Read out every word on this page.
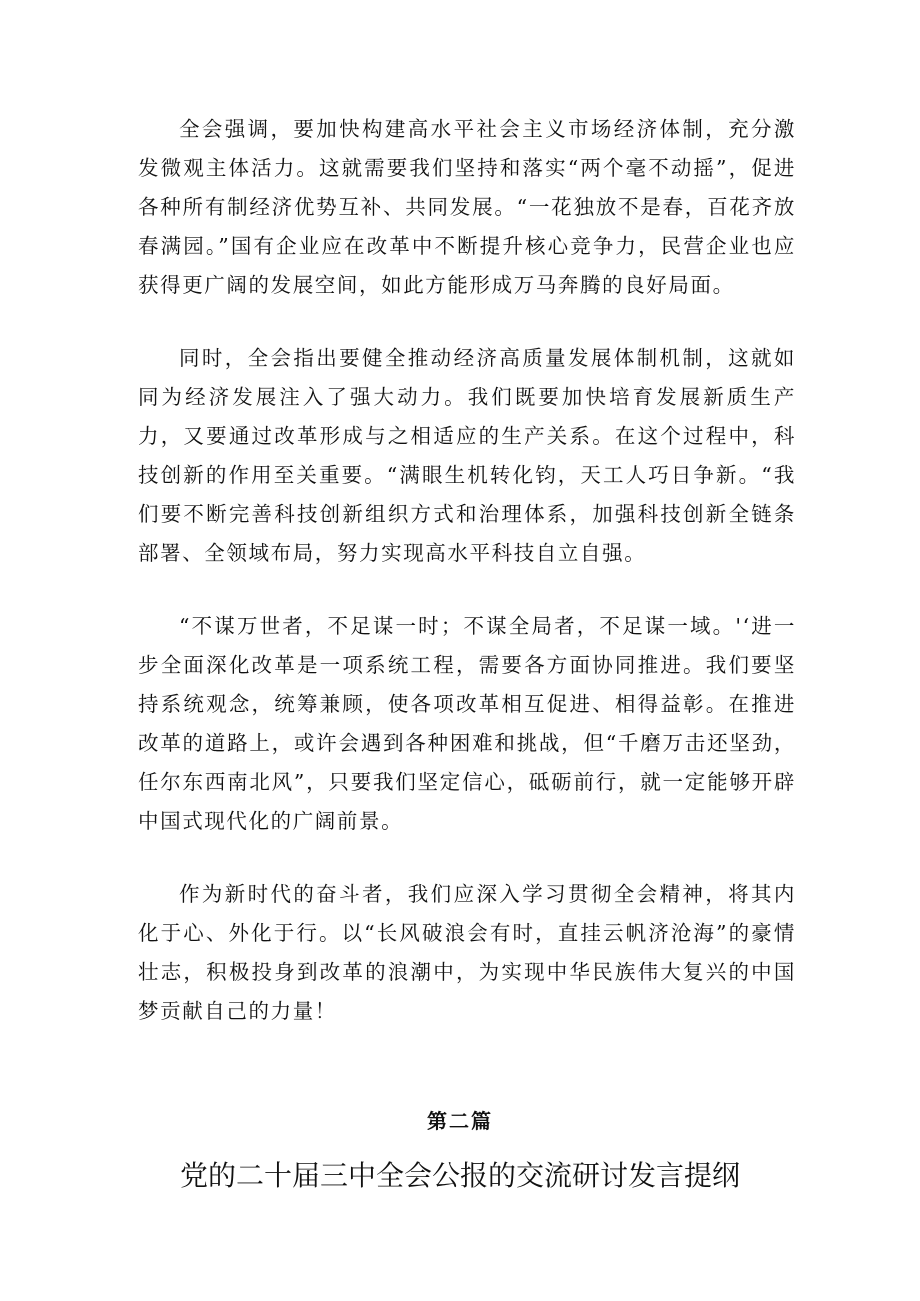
全会强调，要加快构建高水平社会主义市场经济体制，充分激发微观主体活力。这就需要我们坚持和落实“两个毫不动摇”，促进各种所有制经济优势互补、共同发展。“一花独放不是春，百花齐放春满园。”国有企业应在改革中不断提升核心竞争力，民营企业也应获得更广阔的发展空间，如此方能形成万马奔腾的良好局面。

同时，全会指出要健全推动经济高质量发展体制机制，这就如同为经济发展注入了强大动力。我们既要加快培育发展新质生产力，又要通过改革形成与之相适应的生产关系。在这个过程中，科技创新的作用至关重要。“满眼生机转化钧，天工人巧日争新。“我们要不断完善科技创新组织方式和治理体系，加强科技创新全链条部署、全领域布局，努力实现高水平科技自立自强。

“不谋万世者，不足谋一时；不谋全局者，不足谋一域。'‘进一步全面深化改革是一项系统工程，需要各方面协同推进。我们要坚持系统观念，统筹兼顾，使各项改革相互促进、相得益彰。在推进改革的道路上，或许会遇到各种困难和挑战，但“千磨万击还坚劲，任尔东西南北风”，只要我们坚定信心，砥砺前行，就一定能够开辟中国式现代化的广阔前景。

作为新时代的奋斗者，我们应深入学习贯彻全会精神，将其内化于心、外化于行。以“长风破浪会有时，直挂云帆济沧海”的豪情壮志，积极投身到改革的浪潮中，为实现中华民族伟大复兴的中国梦贡献自己的力量！

第二篇
党的二十届三中全会公报的交流研讨发言提纲
